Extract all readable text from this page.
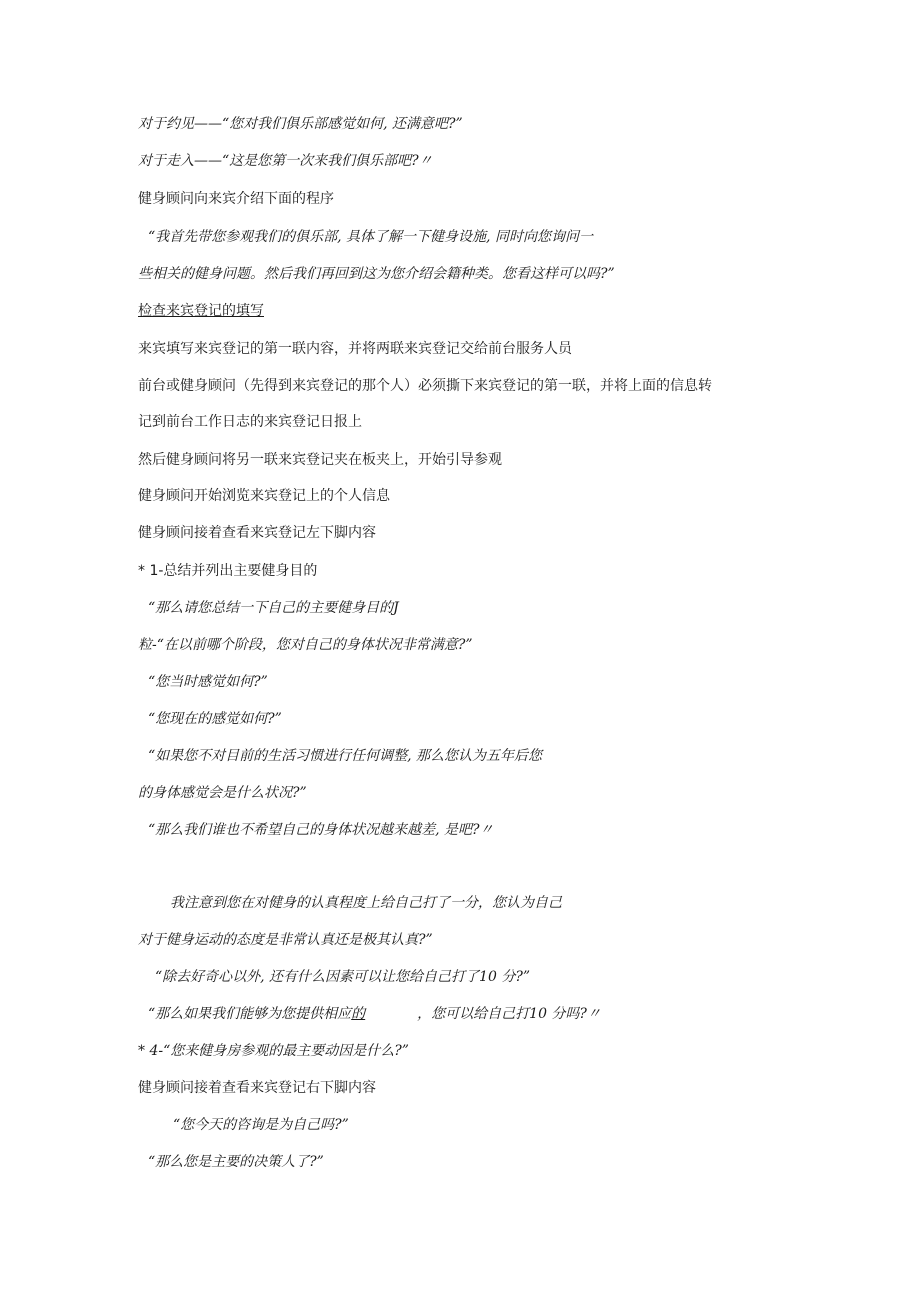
对于约见——“您对我们俱乐部感觉如何, 还满意吧?”
对于走入——“这是您第一次来我们俱乐部吧?〃
健身顾问向来宾介绍下面的程序
“我首先带您参观我们的俱乐部, 具体了解一下健身设施, 同时向您询问一
些相关的健身问题。然后我们再回到这为您介绍会籍种类。您看这样可以吗?”
检查来宾登记的填写
来宾填写来宾登记的第一联内容，并将两联来宾登记交给前台服务人员
前台或健身顾问（先得到来宾登记的那个人）必须撕下来宾登记的第一联，并将上面的信息转
记到前台工作日志的来宾登记日报上
然后健身顾问将另一联来宾登记夹在板夹上，开始引导参观
健身顾问开始浏览来宾登记上的个人信息
健身顾问接着查看来宾登记左下脚内容
* 1-总结并列出主要健身目的
“那么请您总结一下自己的主要健身目的J
粒-“在以前哪个阶段，您对自己的身体状况非常满意?”
“您当时感觉如何?”
“您现在的感觉如何?”
“如果您不对目前的生活习惯进行任何调整, 那么您认为五年后您
的身体感觉会是什么状况?”
“那么我们谁也不希望自己的身体状况越来越差, 是吧?〃
我注意到您在对健身的认真程度上给自己打了一分，您认为自己
对于健身运动的态度是非常认真还是极其认真?”
“除去好奇心以外, 还有什么因素可以让您给自己打了10 分?”
“那么如果我们能够为您提供相应的	，您可以给自己打10 分吗?〃
* 4-“您来健身房参观的最主要动因是什么?”
健身顾问接着查看来宾登记右下脚内容
“您今天的咨询是为自己吗?”
“那么您是主要的决策人了?”
